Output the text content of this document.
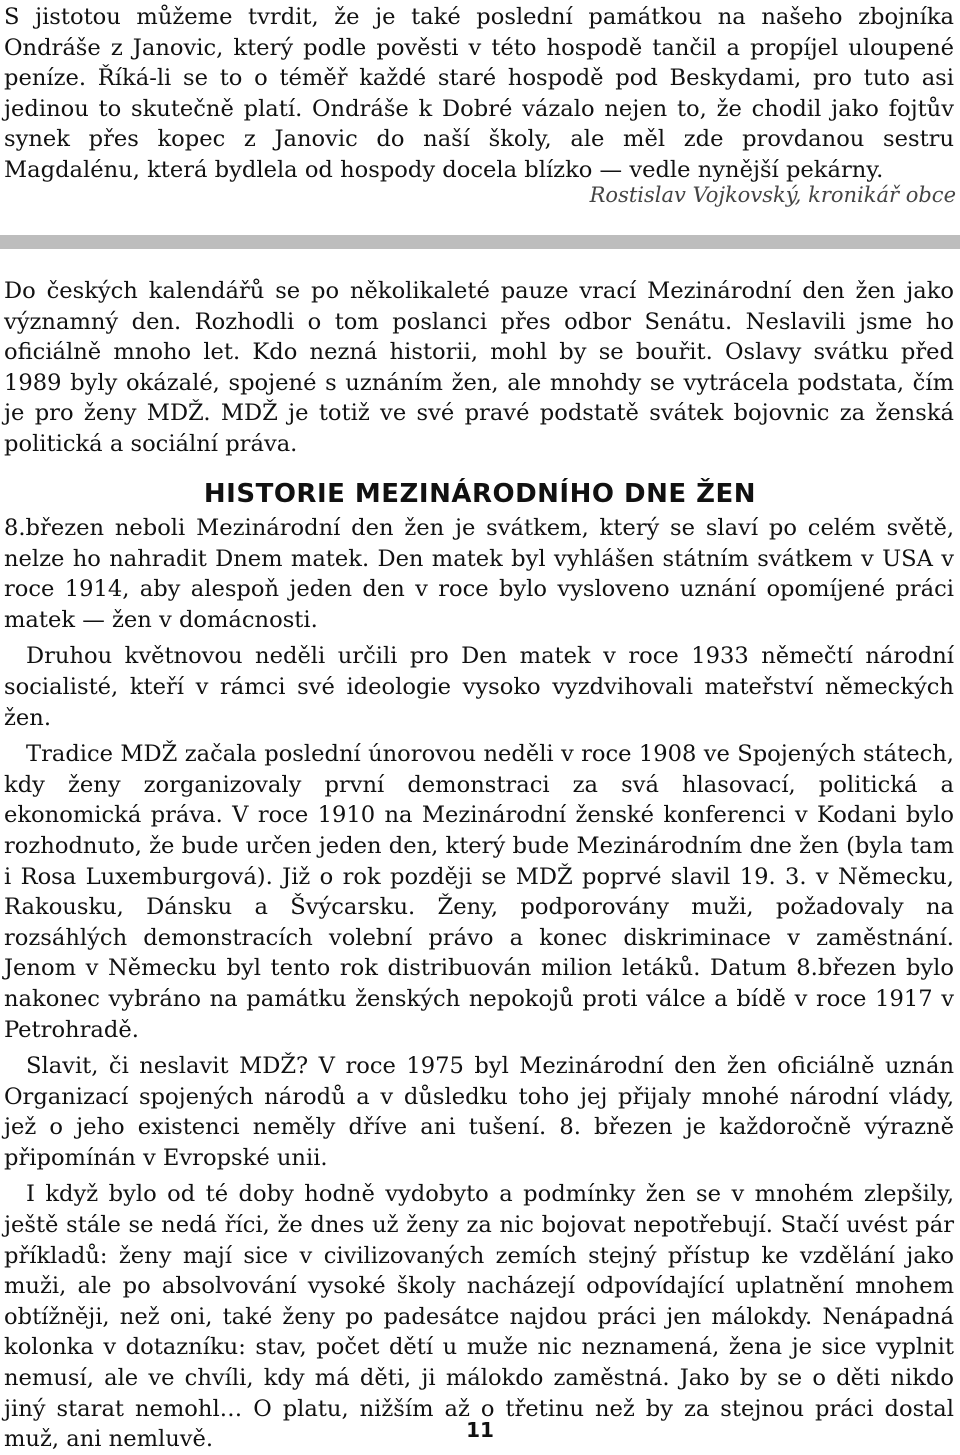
S jistotou můžeme tvrdit, že je také poslední památkou na našeho zbojníka Ondráše z Janovic, který podle pověsti v této hospodě tančil a propíjel uloupené peníze. Říká-li se to o téměř každé staré hospodě pod Beskydami, pro tuto asi jedinou to skutečně platí. Ondráše k Dobré vázalo nejen to, že chodil jako fojtův synek přes kopec z Janovic do naší školy, ale měl zde provdanou sestru Magdalénu, která bydlela od hospody docela blízko — vedle nynější pekárny.

Rostislav Vojkovský, kronikář obce

Do českých kalendářů se po několikaleté pauze vrací Mezinárodní den žen jako významný den. Rozhodli o tom poslanci přes odbor Senátu. Neslavili jsme ho oficiálně mnoho let. Kdo nezná historii, mohl by se bouřit. Oslavy svátku před 1989 byly okázalé, spojené s uznáním žen, ale mnohdy se vytrácela podstata, čím je pro ženy MDŽ. MDŽ je totiž ve své pravé podstatě svátek bojovnic za ženská politická a sociální práva.

HISTORIE MEZINÁRODNÍHO DNE ŽEN

8.březen neboli Mezinárodní den žen je svátkem, který se slaví po celém světě, nelze ho nahradit Dnem matek. Den matek byl vyhlášen státním svátkem v USA v roce 1914, aby alespoň jeden den v roce bylo vysloveno uznání opomíjené práci matek — žen v domácnosti.

Druhou květnovou neděli určili pro Den matek v roce 1933 němečtí národní socialisté, kteří v rámci své ideologie vysoko vyzdvihovali mateřství německých žen.

Tradice MDŽ začala poslední únorovou neděli v roce 1908 ve Spojených státech, kdy ženy zorganizovaly první demonstraci za svá hlasovací, politická a ekonomická práva. V roce 1910 na Mezinárodní ženské konferenci v Kodani bylo rozhodnuto, že bude určen jeden den, který bude Mezinárodním dne žen (byla tam i Rosa Luxemburgová). Již o rok později se MDŽ poprvé slavil 19. 3. v Německu, Rakousku, Dánsku a Švýcarsku. Ženy, podporovány muži, požadovaly na rozsáhlých demonstracích volební právo a konec diskriminace v zaměstnání. Jenom v Německu byl tento rok distribuován milion letáků. Datum 8.březen bylo nakonec vybráno na památku ženských nepokojů proti válce a bídě v roce 1917 v Petrohradě.

Slavit, či neslavit MDŽ? V roce 1975 byl Mezinárodní den žen oficiálně uznán Organizací spojených národů a v důsledku toho jej přijaly mnohé národní vlády, jež o jeho existenci neměly dříve ani tušení. 8. březen je každoročně výrazně připomínán v Evropské unii.

I když bylo od té doby hodně vydobyto a podmínky žen se v mnohém zlepšily, ještě stále se nedá říci, že dnes už ženy za nic bojovat nepotřebují. Stačí uvést pár příkladů: ženy mají sice v civilizovaných zemích stejný přístup ke vzdělání jako muži, ale po absolvování vysoké školy nacházejí odpovídající uplatnění mnohem obtížněji, než oni, také ženy po padesátce najdou práci jen málokdy. Nenápadná kolonka v dotazníku: stav, počet dětí u muže nic neznamená, žena je sice vyplnit nemusí, ale ve chvíli, kdy má děti, ji málokdo zaměstná. Jako by se o děti nikdo jiný starat nemohl… O platu, nižším až o třetinu než by za stejnou práci dostal muž, ani nemluvě.	11
